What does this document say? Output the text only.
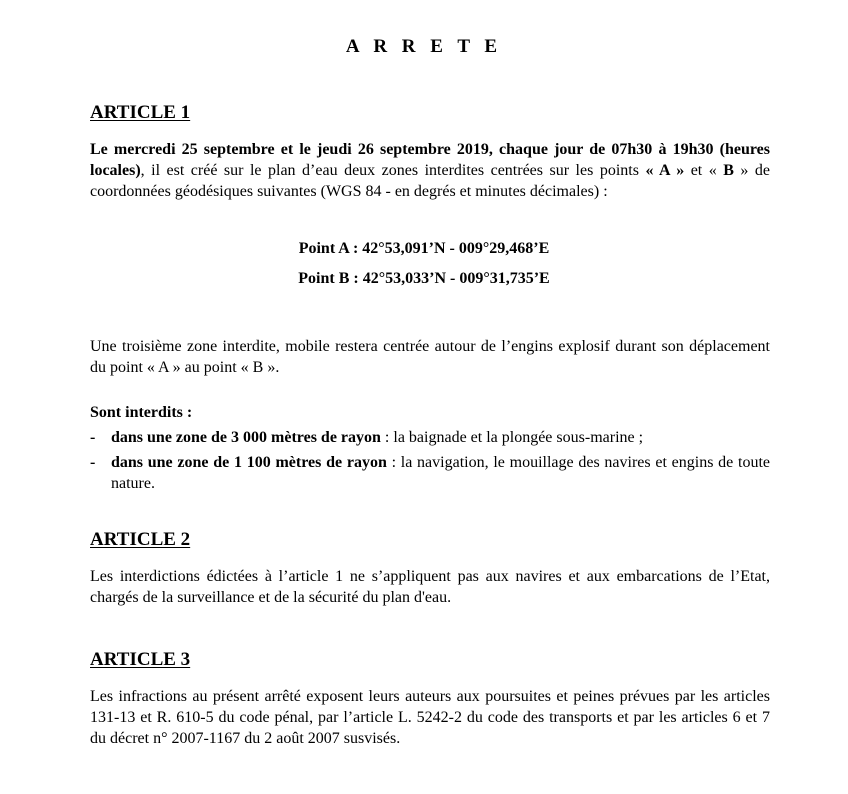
A R R E T E
ARTICLE 1
Le mercredi 25 septembre et le jeudi 26 septembre 2019, chaque jour de 07h30 à 19h30 (heures locales), il est créé sur le plan d’eau deux zones interdites centrées sur les points « A » et « B » de coordonnées géodésiques suivantes (WGS 84 - en degrés et minutes décimales) :
Point A : 42°53,091’N - 009°29,468’E
Point B : 42°53,033’N - 009°31,735’E
Une troisième zone interdite, mobile restera centrée autour de l’engins explosif durant son déplacement du point « A » au point « B ».
Sont interdits :
- dans une zone de 3 000 mètres de rayon : la baignade et la plongée sous-marine ;
- dans une zone de 1 100 mètres de rayon : la navigation, le mouillage des navires et engins de toute nature.
ARTICLE 2
Les interdictions édictées à l’article 1 ne s’appliquent pas aux navires et aux embarcations de l’Etat, chargés de la surveillance et de la sécurité du plan d'eau.
ARTICLE 3
Les infractions au présent arrêté exposent leurs auteurs aux poursuites et peines prévues par les articles 131-13 et R. 610-5 du code pénal, par l’article L. 5242-2 du code des transports et par les articles 6 et 7 du décret n° 2007-1167 du 2 août 2007 susvisés.
